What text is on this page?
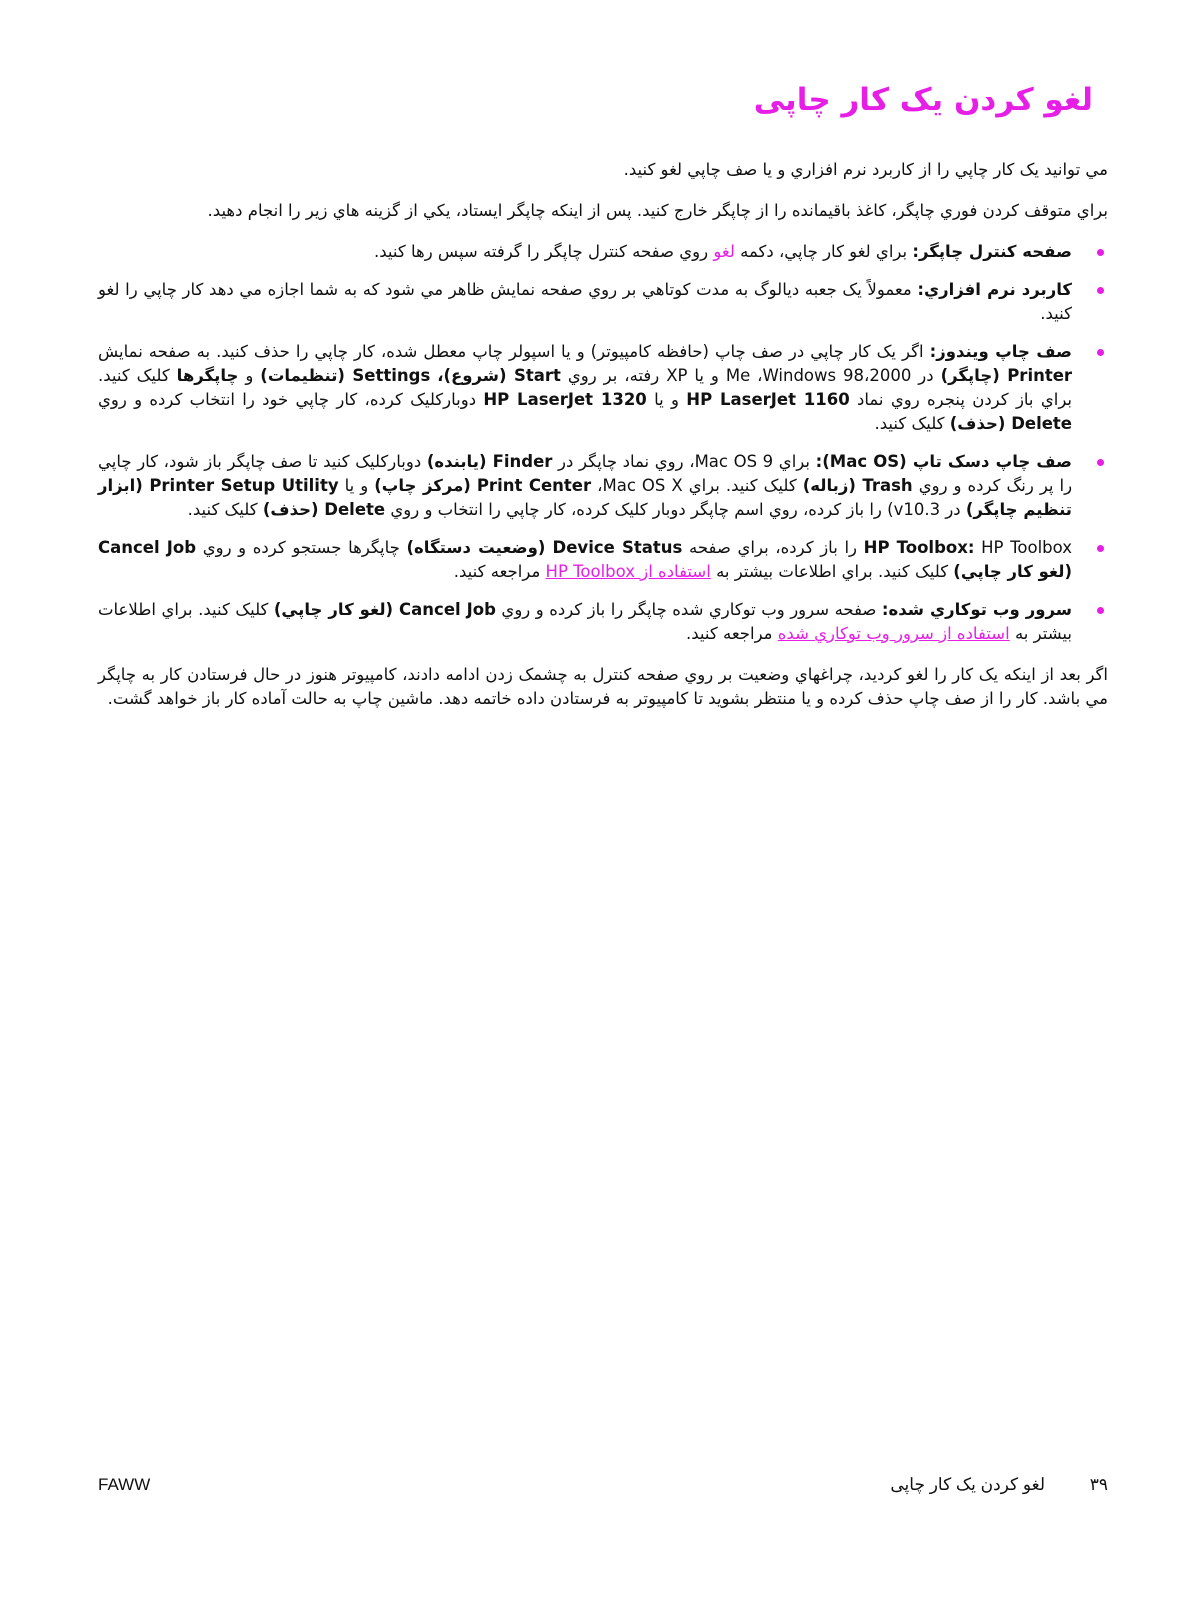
لغو کردن یک کار چاپی

مي توانيد یک کار چاپي را از کاربرد نرم افزاري و يا صف چاپي لغو کنيد.

براي متوقف کردن فوري چاپگر، کاغذ باقيمانده را از چاپگر خارج کنيد. پس از اينکه چاپگر ايستاد، يکي از گزينه هاي زير را انجام دهيد.

صفحه کنترل چاپگر: براي لغو کار چاپي، دکمه لغو روي صفحه کنترل چاپگر را گرفته سپس رها کنيد.
کاربرد نرم افزاري: معمولاً یک جعبه ديالوگ به مدت کوتاهي بر روي صفحه نمايش ظاهر مي شود که به شما اجازه مي دهد کار چاپي را لغو کنيد.
صف چاپ ويندوز: اگر یک کار چاپي در صف چاپ (حافظه کامپيوتر) و يا اسپولر چاپ معطل شده، کار چاپي را حذف کنيد. به صفحه نمايش Printer (چاپگر) در 2000،Me ،Windows 98 و يا XP رفته، بر روي Start (شروع)، Settings (تنظيمات) و چاپگرها کليک کنيد. براي باز کردن پنجره روي نماد HP LaserJet 1160 و يا HP LaserJet 1320 دوبارکليک کرده، کار چاپي خود را انتخاب کرده و روي Delete (حذف) کليک کنيد.
صف چاپ دسک تاپ (Mac OS): براي Mac OS 9، روي نماد چاپگر در Finder (يابنده) دوبارکليک کنيد تا صف چاپگر باز شود، کار چاپي را پر رنگ کرده و روي Trash (زباله) کليک کنيد. براي Print Center ،Mac OS X (مرکز چاپ) و يا Printer Setup Utility (ابزار تنظيم چاپگر) در v10.3) را باز کرده، روي اسم چاپگر دوبار کليک کرده، کار چاپي را انتخاب و روي Delete (حذف) کليک کنيد.
HP Toolbox: HP Toolbox را باز کرده، براي صفحه Device Status (وضعيت دستگاه) چاپگرها جستجو کرده و روي Cancel Job (لغو کار چاپي) کليک کنيد. براي اطلاعات بيشتر به استفاده از HP Toolbox مراجعه کنيد.
سرور وب توکاري شده: صفحه سرور وب توکاري شده چاپگر را باز کرده و روي Cancel Job (لغو کار چاپي) کليک کنيد. براي اطلاعات بيشتر به استفاده از سرور وب توکاري شده مراجعه کنيد.

اگر بعد از اينکه یک کار را لغو کرديد، چراغهاي وضعيت بر روي صفحه کنترل به چشمک زدن ادامه دادند، کامپيوتر هنوز در حال فرستادن کار به چاپگر مي باشد. کار را از صف چاپ حذف کرده و يا منتظر بشويد تا کامپيوتر به فرستادن داده خاتمه دهد. ماشين چاپ به حالت آماده کار باز خواهد گشت.

FAWW	۳۹ لغو کردن یک کار چاپی
